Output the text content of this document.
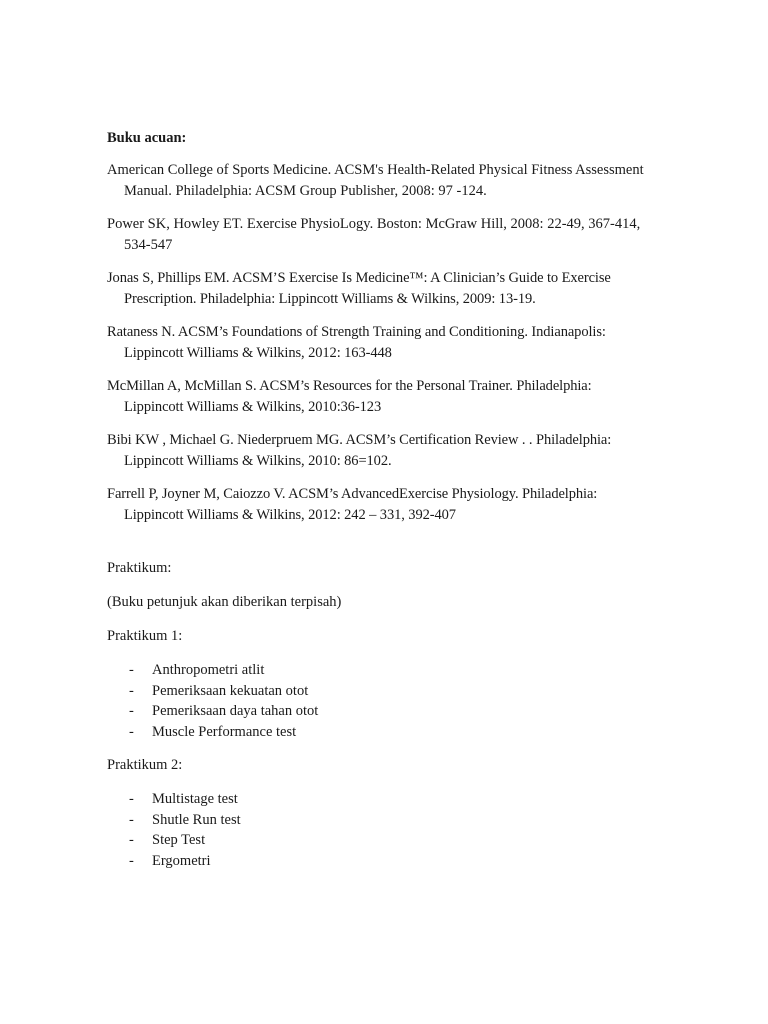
Buku acuan:

American College of Sports Medicine. ACSM's Health-Related Physical Fitness Assessment Manual. Philadelphia: ACSM Group Publisher, 2008: 97 -124.

Power SK, Howley ET. Exercise PhysioLogy. Boston: McGraw Hill, 2008: 22-49, 367-414, 534-547

Jonas S, Phillips EM. ACSM’S Exercise Is Medicine™: A Clinician’s Guide to Exercise Prescription. Philadelphia: Lippincott Williams & Wilkins, 2009: 13-19.

Rataness N. ACSM’s Foundations of Strength Training and Conditioning. Indianapolis: Lippincott Williams & Wilkins, 2012: 163-448

McMillan A, McMillan S. ACSM’s Resources for the Personal Trainer. Philadelphia: Lippincott Williams & Wilkins, 2010:36-123

Bibi KW , Michael G. Niederpruem MG. ACSM’s Certification Review . . Philadelphia: Lippincott Williams & Wilkins, 2010: 86=102.

Farrell P, Joyner M, Caiozzo V. ACSM’s AdvancedExercise Physiology. Philadelphia: Lippincott Williams & Wilkins, 2012: 242 – 331, 392-407

Praktikum:

(Buku petunjuk akan diberikan terpisah)

Praktikum 1:

- Anthropometri atlit
- Pemeriksaan kekuatan otot
- Pemeriksaan daya tahan otot
- Muscle Performance test

Praktikum 2:

- Multistage test
- Shutle Run test
- Step Test
- Ergometri
